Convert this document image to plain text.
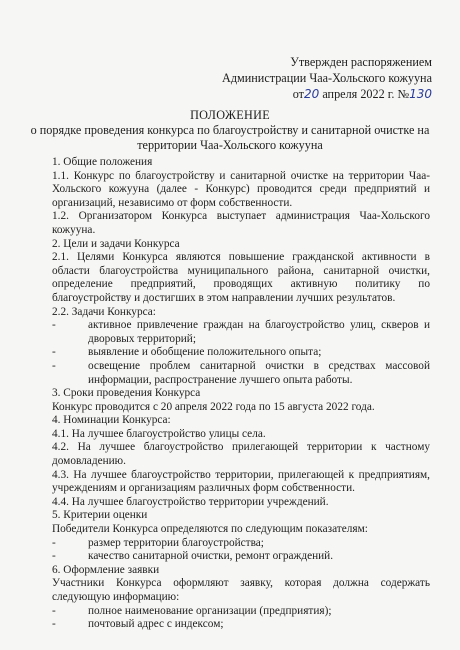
Утвержден распоряжением
Администрации Чаа-Хольского кожууна
от20 апреля 2022 г. №130
ПОЛОЖЕНИЕ
о порядке проведения конкурса по благоустройству и санитарной очистке на
территории Чаа-Хольского кожууна
1. Общие положения
1.1. Конкурс по благоустройству и санитарной очистке на территории Чаа-Хольского кожууна (далее - Конкурс) проводится среди предприятий и организаций, независимо от форм собственности.
1.2. Организатором Конкурса выступает администрация Чаа-Хольского кожууна.
2. Цели и задачи Конкурса
2.1. Целями Конкурса являются повышение гражданской активности в области благоустройства муниципального района, санитарной очистки, определение предприятий, проводящих активную политику по благоустройству и достигших в этом направлении лучших результатов.
2.2. Задачи Конкурса:
-	активное привлечение граждан на благоустройство улиц, скверов и дворовых территорий;
-	выявление и обобщение положительного опыта;
-	освещение проблем санитарной очистки в средствах массовой информации, распространение лучшего опыта работы.
3. Сроки проведения Конкурса
Конкурс проводится с 20 апреля 2022 года по 15 августа 2022 года.
4. Номинации Конкурса:
4.1. На лучшее благоустройство улицы села.
4.2. На лучшее благоустройство прилегающей территории к частному домовладению.
4.3. На лучшее благоустройство территории, прилегающей к предприятиям, учреждениям и организациям различных форм собственности.
4.4. На лучшее благоустройство территории учреждений.
5. Критерии оценки
Победители Конкурса определяются по следующим показателям:
-	размер территории благоустройства;
-	качество санитарной очистки, ремонт ограждений.
6. Оформление заявки
Участники Конкурса оформляют заявку, которая должна содержать следующую информацию:
-	полное наименование организации (предприятия);
-	почтовый адрес с индексом;
